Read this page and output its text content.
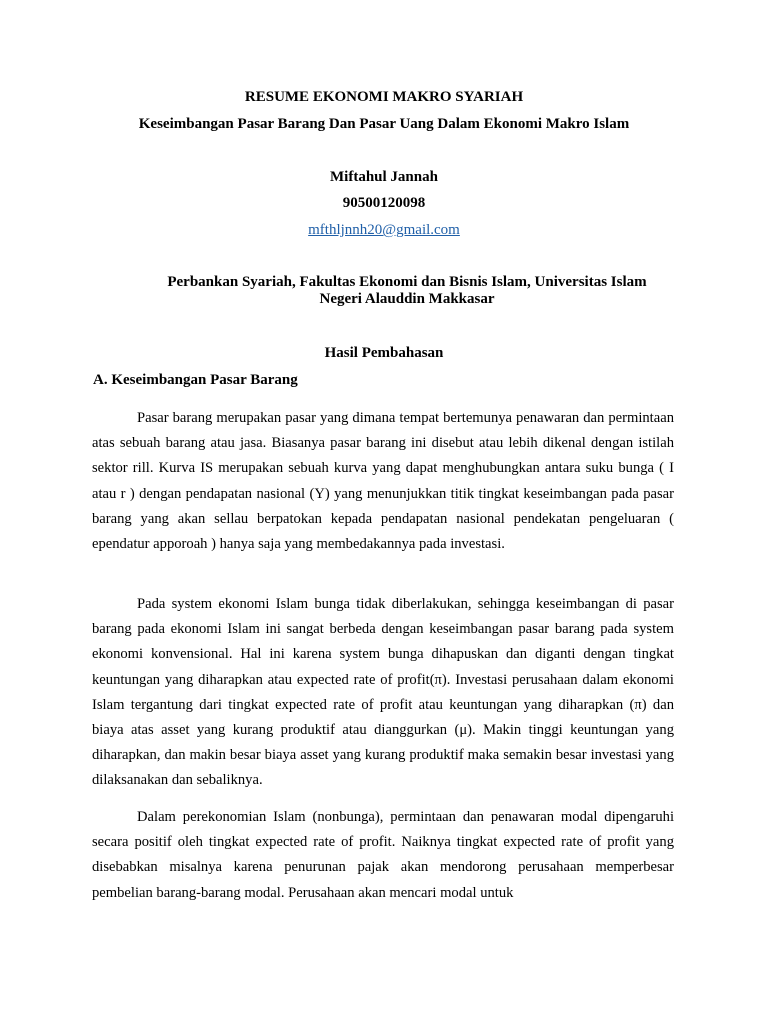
RESUME EKONOMI MAKRO SYARIAH
Keseimbangan Pasar Barang Dan Pasar Uang Dalam Ekonomi Makro Islam
Miftahul Jannah
90500120098
mfthljnnh20@gmail.com
Perbankan Syariah, Fakultas Ekonomi dan Bisnis Islam, Universitas Islam Negeri Alauddin Makkasar
Hasil Pembahasan
A. Keseimbangan Pasar Barang

Pasar barang merupakan pasar yang dimana tempat bertemunya penawaran dan permintaan atas sebuah barang atau jasa. Biasanya pasar barang ini disebut atau lebih dikenal dengan istilah sektor rill. Kurva IS merupakan sebuah kurva yang dapat menghubungkan antara suku bunga ( I atau r ) dengan pendapatan nasional (Y) yang menunjukkan titik tingkat keseimbangan pada pasar barang yang akan sellau berpatokan kepada pendapatan nasional pendekatan pengeluaran ( ependatur apporoah ) hanya saja yang membedakannya pada investasi.

Pada system ekonomi Islam bunga tidak diberlakukan, sehingga keseimbangan di pasar barang pada ekonomi Islam ini sangat berbeda dengan keseimbangan pasar barang pada system ekonomi konvensional. Hal ini karena system bunga dihapuskan dan diganti dengan tingkat keuntungan yang diharapkan atau expected rate of profit(π). Investasi perusahaan dalam ekonomi Islam tergantung dari tingkat expected rate of profit atau keuntungan yang diharapkan (π) dan biaya atas asset yang kurang produktif atau dianggurkan (μ). Makin tinggi keuntungan yang diharapkan, dan makin besar biaya asset yang kurang produktif maka semakin besar investasi yang dilaksanakan dan sebaliknya.

Dalam perekonomian Islam (nonbunga), permintaan dan penawaran modal dipengaruhi secara positif oleh tingkat expected rate of profit. Naiknya tingkat expected rate of profit yang disebabkan misalnya karena penurunan pajak akan mendorong perusahaan memperbesar pembelian barang-barang modal. Perusahaan akan mencari modal untuk
